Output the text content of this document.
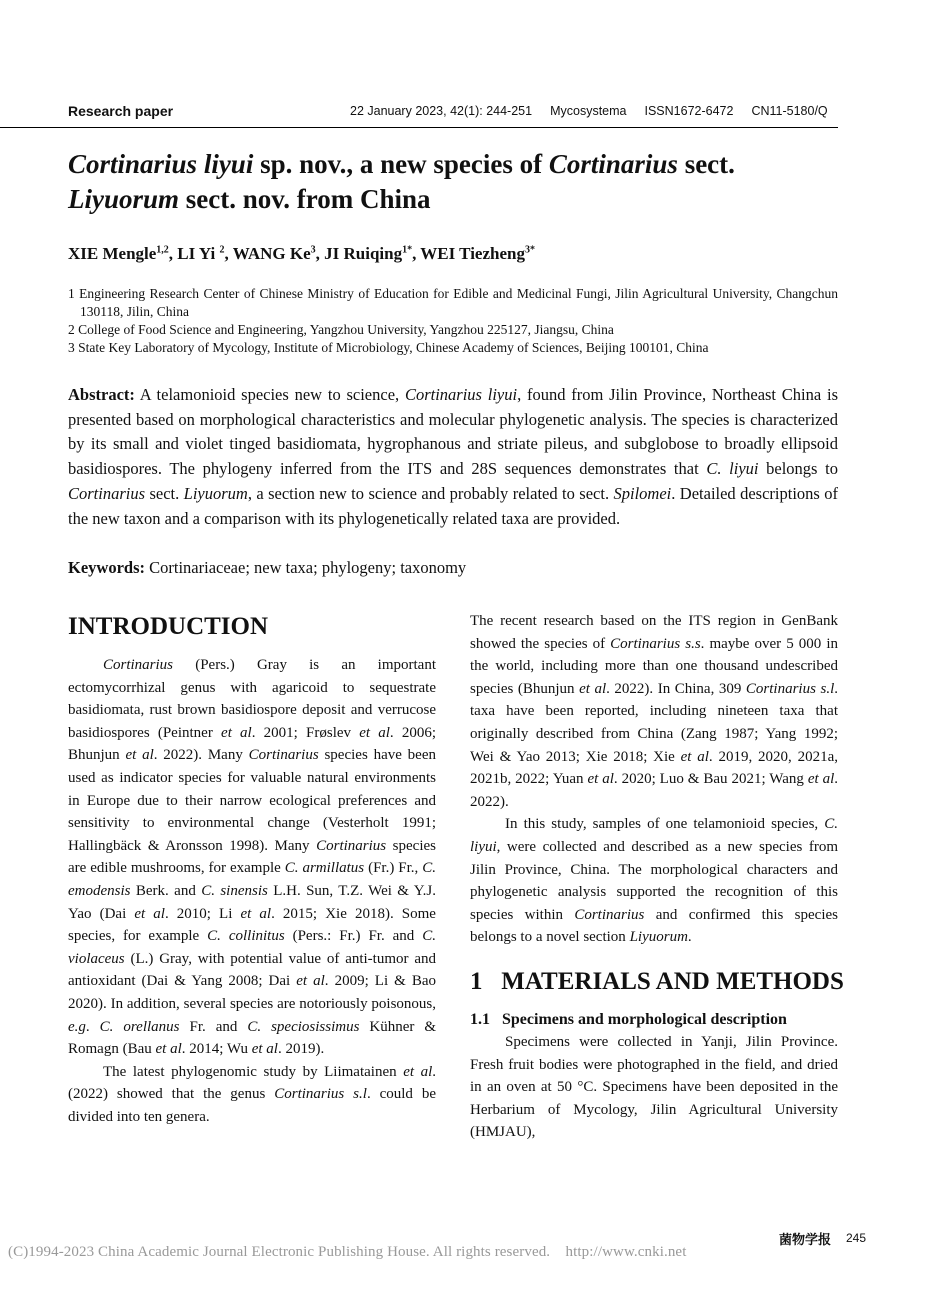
Research paper	22 January 2023, 42(1): 244-251 Mycosystema ISSN1672-6472 CN11-5180/Q
Cortinarius liyui sp. nov., a new species of Cortinarius sect.
Liyuorum sect. nov. from China

XIE Mengle$^{1,2}$, LI Yi $^2$, WANG Ke$^3$, JI Ruiqing$^{1*}$, WEI Tiezheng$^{3*}$

1 Engineering Research Center of Chinese Ministry of Education for Edible and Medicinal Fungi, Jilin Agricultural University, Changchun 130118, Jilin, China
2 College of Food Science and Engineering, Yangzhou University, Yangzhou 225127, Jiangsu, China
3 State Key Laboratory of Mycology, Institute of Microbiology, Chinese Academy of Sciences, Beijing 100101, China

Abstract: A telamonioid species new to science, Cortinarius liyui, found from Jilin Province, Northeast China is presented based on morphological characteristics and molecular phylogenetic analysis. The species is characterized by its small and violet tinged basidiomata, hygrophanous and striate pileus, and subglobose to broadly ellipsoid basidiospores. The phylogeny inferred from the ITS and 28S sequences demonstrates that C. liyui belongs to Cortinarius sect. Liyuorum, a section new to science and probably related to sect. Spilomei. Detailed descriptions of the new taxon and a comparison with its phylogenetically related taxa are provided.

Keywords: Cortinariaceae; new taxa; phylogeny; taxonomy

INTRODUCTION

Cortinarius (Pers.) Gray is an important ectomycorrhizal genus with agaricoid to sequestrate basidiomata, rust brown basidiospore deposit and verrucose basidiospores (Peintner et al. 2001; Frøslev et al. 2006; Bhunjun et al. 2022). Many Cortinarius species have been used as indicator species for valuable natural environments in Europe due to their narrow ecological preferences and sensitivity to environmental change (Vesterholt 1991; Hallingbäck & Aronsson 1998). Many Cortinarius species are edible mushrooms, for example C. armillatus (Fr.) Fr., C. emodensis Berk. and C. sinensis L.H. Sun, T.Z. Wei & Y.J. Yao (Dai et al. 2010; Li et al. 2015; Xie 2018). Some species, for example C. collinitus (Pers.: Fr.) Fr. and C. violaceus (L.) Gray, with potential value of anti-tumor and antioxidant (Dai & Yang 2008; Dai et al. 2009; Li & Bao 2020). In addition, several species are notoriously poisonous, e.g. C. orellanus Fr. and C. speciosissimus Kühner & Romagn (Bau et al. 2014; Wu et al. 2019).

The latest phylogenomic study by Liimatainen et al. (2022) showed that the genus Cortinarius s.l. could be divided into ten genera.

The recent research based on the ITS region in GenBank showed the species of Cortinarius s.s. maybe over 5 000 in the world, including more than one thousand undescribed species (Bhunjun et al. 2022). In China, 309 Cortinarius s.l. taxa have been reported, including nineteen taxa that originally described from China (Zang 1987; Yang 1992; Wei & Yao 2013; Xie 2018; Xie et al. 2019, 2020, 2021a, 2021b, 2022; Yuan et al. 2020; Luo & Bau 2021; Wang et al. 2022).

In this study, samples of one telamonioid species, C. liyui, were collected and described as a new species from Jilin Province, China. The morphological characters and phylogenetic analysis supported the recognition of this species within Cortinarius and confirmed this species belongs to a novel section Liyuorum.

1   MATERIALS AND METHODS
1.1   Specimens and morphological description

Specimens were collected in Yanji, Jilin Province. Fresh fruit bodies were photographed in the field, and dried in an oven at 50 °C. Specimens have been deposited in the Herbarium of Mycology, Jilin Agricultural University (HMJAU),

菌物学报 245
(C)1994-2023 China Academic Journal Electronic Publishing House. All rights reserved.    http://www.cnki.net
